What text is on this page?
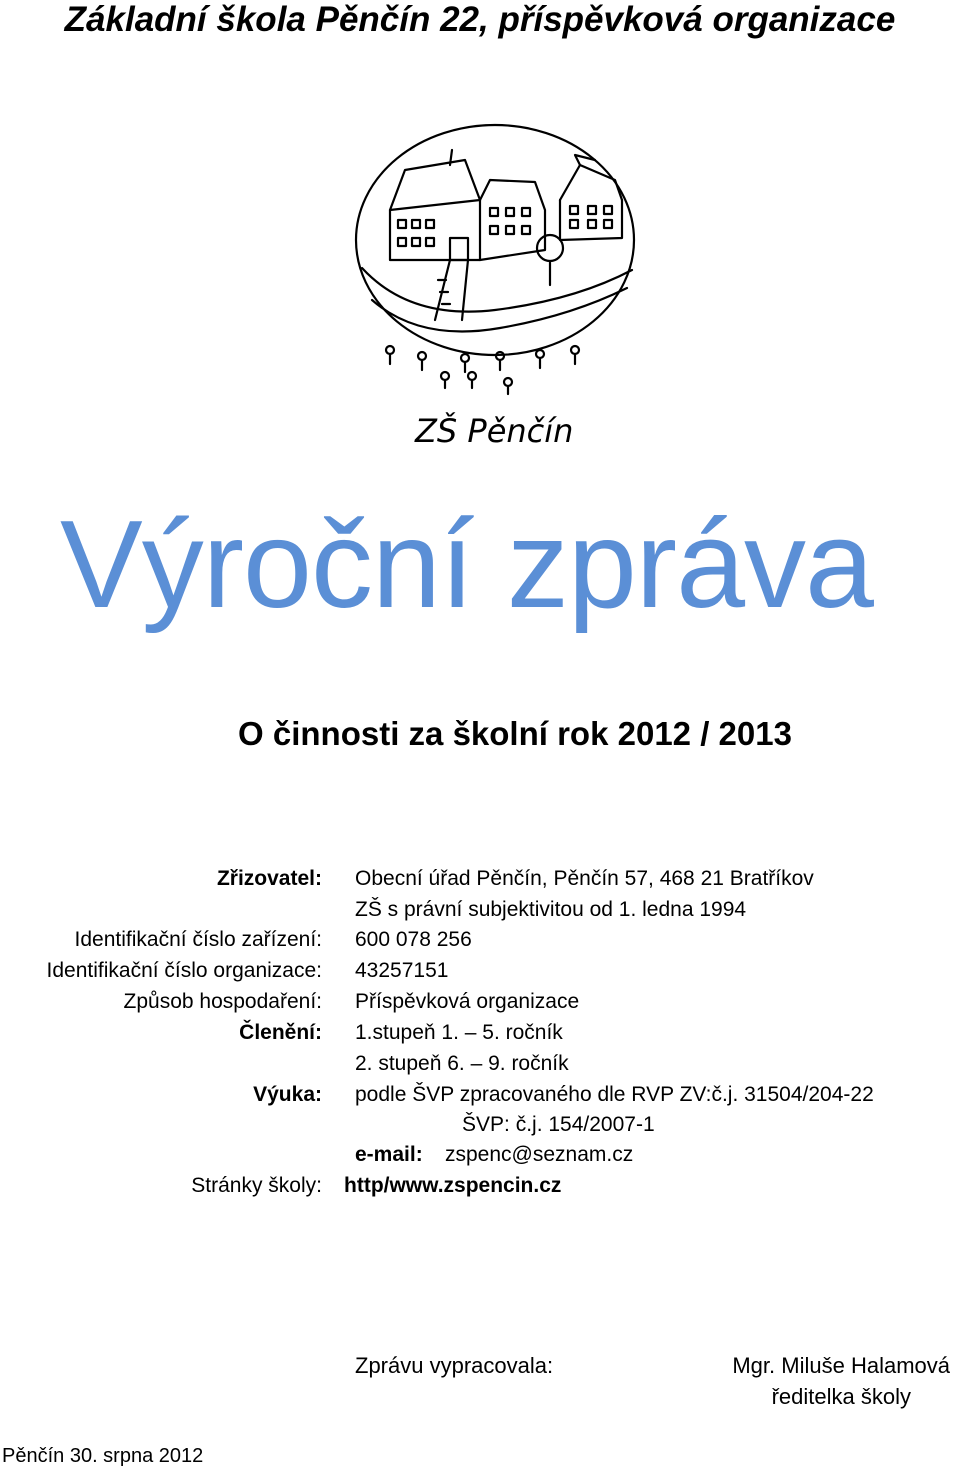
Základní škola Pěnčín 22, příspěvková organizace
ZŠ Pěnčín
Výroční zpráva
O činnosti za školní rok 2012 / 2013
Zřizovatel: Obecní úřad Pěnčín, Pěnčín 57, 468 21 Bratříkov
ZŠ s právní subjektivitou od 1. ledna 1994
Identifikační číslo zařízení: 600 078 256
Identifikační číslo organizace: 43257151
Způsob hospodaření: Příspěvková organizace
Členění: 1.stupeň 1. – 5. ročník
2. stupeň 6. – 9. ročník
Výuka: podle ŠVP zpracovaného dle RVP ZV:č.j. 31504/204-22
ŠVP: č.j. 154/2007-1
e-mail: zspenc@seznam.cz
Stránky školy: http/www.zspencin.cz
Zprávu vypracovala:	Mgr. Miluše Halamová
ředitelka školy
Pěnčín 30. srpna 2012
